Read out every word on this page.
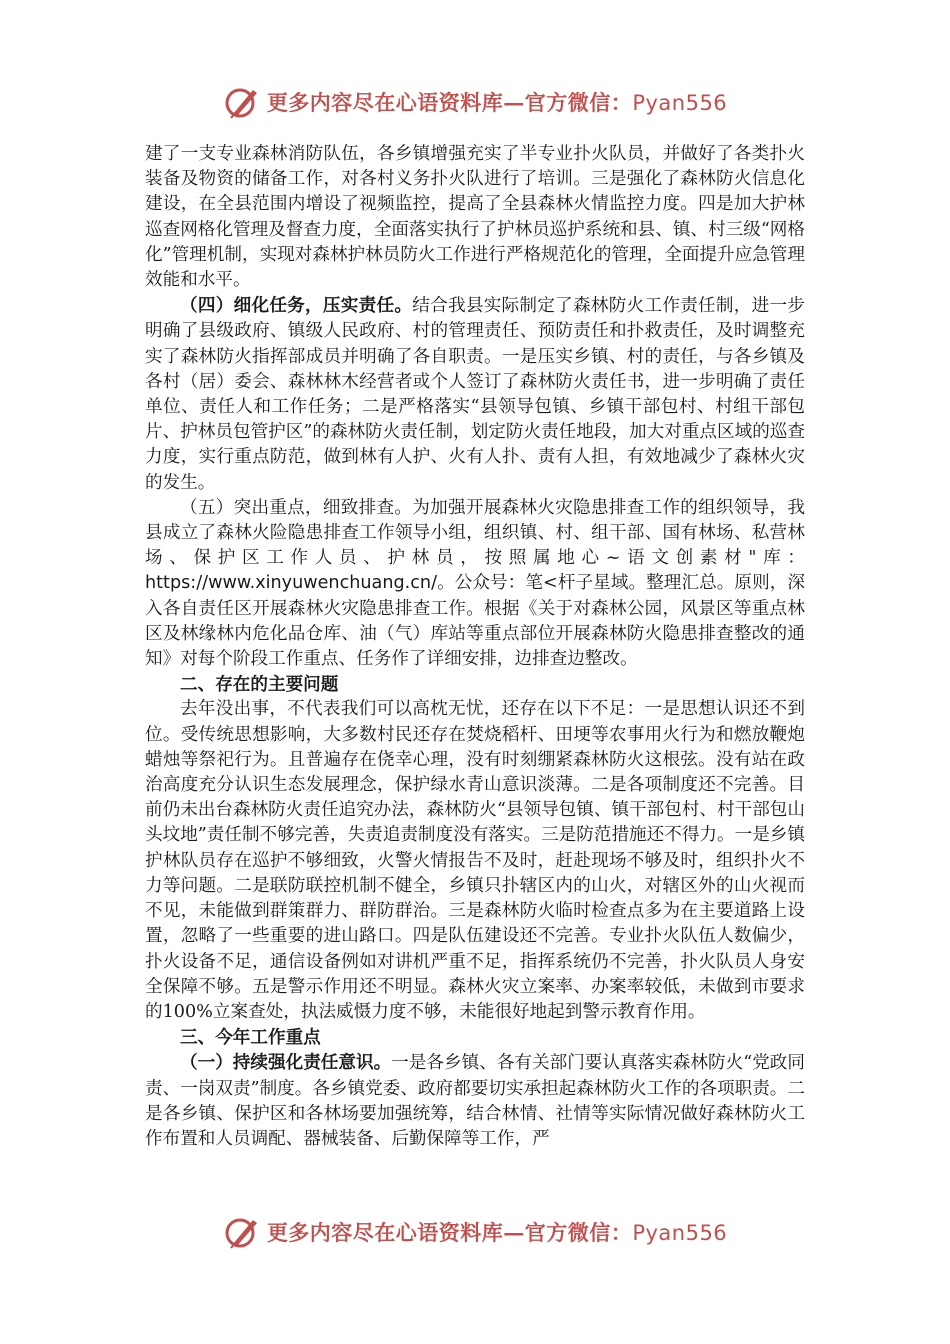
更多内容尽在心语资料库—官方微信：Pyan556

建了一支专业森林消防队伍，各乡镇增强充实了半专业扑火队员，并做好了各类扑火装备及物资的储备工作，对各村义务扑火队进行了培训。三是强化了森林防火信息化建设，在全县范围内增设了视频监控，提高了全县森林火情监控力度。四是加大护林巡查网格化管理及督查力度，全面落实执行了护林员巡护系统和县、镇、村三级“网格化”管理机制，实现对森林护林员防火工作进行严格规范化的管理，全面提升应急管理效能和水平。

（四）细化任务，压实责任。结合我县实际制定了森林防火工作责任制，进一步明确了县级政府、镇级人民政府、村的管理责任、预防责任和扑救责任，及时调整充实了森林防火指挥部成员并明确了各自职责。一是压实乡镇、村的责任，与各乡镇及各村（居）委会、森林林木经营者或个人签订了森林防火责任书，进一步明确了责任单位、责任人和工作任务；二是严格落实“县领导包镇、乡镇干部包村、村组干部包片、护林员包管护区”的森林防火责任制，划定防火责任地段，加大对重点区域的巡查力度，实行重点防范，做到林有人护、火有人扑、责有人担，有效地减少了森林火灾的发生。

（五）突出重点，细致排查。为加强开展森林火灾隐患排查工作的组织领导，我县成立了森林火险隐患排查工作领导小组，组织镇、村、组干部、国有林场、私营林场、保护区工作人员、护林员，按照属地心~语文创素材"库：https://www.xinyuwenchuang.cn/。公众号：笔<杆子星域。整理汇总。原则，深入各自责任区开展森林火灾隐患排查工作。根据《关于对森林公园，风景区等重点林区及林缘林内危化品仓库、油（气）库站等重点部位开展森林防火隐患排查整改的通知》对每个阶段工作重点、任务作了详细安排，边排查边整改。

二、存在的主要问题

去年没出事，不代表我们可以高枕无忧，还存在以下不足：一是思想认识还不到位。受传统思想影响，大多数村民还存在焚烧稻杆、田埂等农事用火行为和燃放鞭炮蜡烛等祭祀行为。且普遍存在侥幸心理，没有时刻绷紧森林防火这根弦。没有站在政治高度充分认识生态发展理念，保护绿水青山意识淡薄。二是各项制度还不完善。目前仍未出台森林防火责任追究办法，森林防火“县领导包镇、镇干部包村、村干部包山头坟地”责任制不够完善，失责追责制度没有落实。三是防范措施还不得力。一是乡镇护林队员存在巡护不够细致，火警火情报告不及时，赶赴现场不够及时，组织扑火不力等问题。二是联防联控机制不健全，乡镇只扑辖区内的山火，对辖区外的山火视而不见，未能做到群策群力、群防群治。三是森林防火临时检查点多为在主要道路上设置，忽略了一些重要的进山路口。四是队伍建设还不完善。专业扑火队伍人数偏少，扑火设备不足，通信设备例如对讲机严重不足，指挥系统仍不完善，扑火队员人身安全保障不够。五是警示作用还不明显。森林火灾立案率、办案率较低，未做到市要求的100%立案查处，执法威慑力度不够，未能很好地起到警示教育作用。

三、今年工作重点

（一）持续强化责任意识。一是各乡镇、各有关部门要认真落实森林防火“党政同责、一岗双责”制度。各乡镇党委、政府都要切实承担起森林防火工作的各项职责。二是各乡镇、保护区和各林场要加强统筹，结合林情、社情等实际情况做好森林防火工作布置和人员调配、器械装备、后勤保障等工作，严

更多内容尽在心语资料库—官方微信：Pyan556
